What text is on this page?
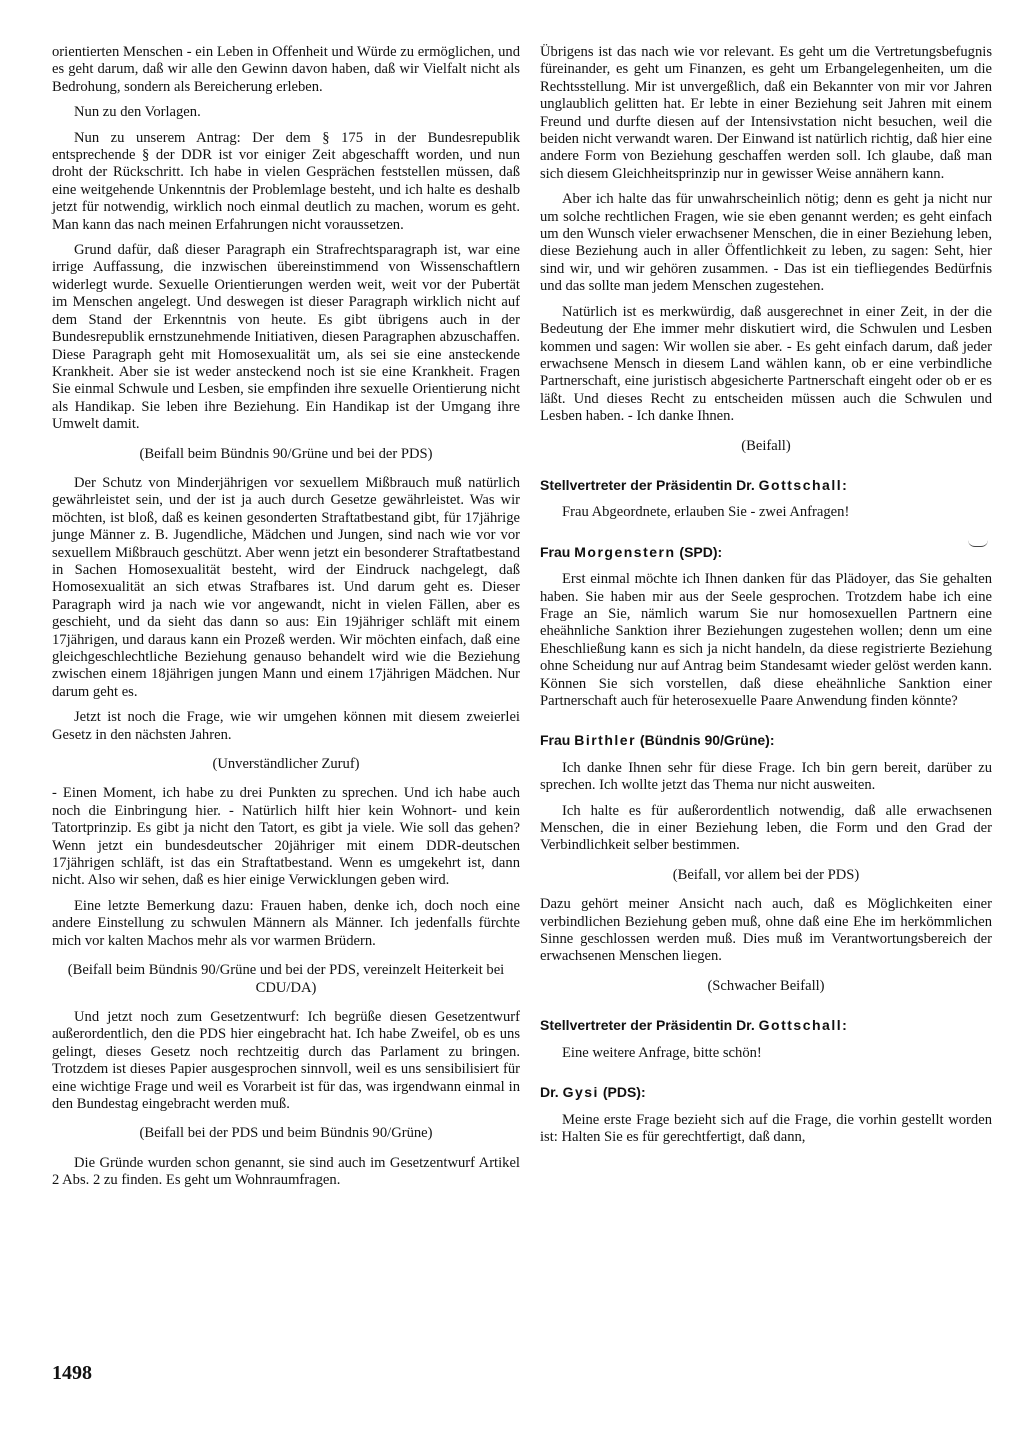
orientierten Menschen - ein Leben in Offenheit und Würde zu ermöglichen, und es geht darum, daß wir alle den Gewinn davon haben, daß wir Vielfalt nicht als Bedrohung, sondern als Bereicherung erleben.

Nun zu den Vorlagen.

Nun zu unserem Antrag: Der dem § 175 in der Bundesrepublik entsprechende § der DDR ist vor einiger Zeit abgeschafft worden, und nun droht der Rückschritt. Ich habe in vielen Gesprächen feststellen müssen, daß eine weitgehende Unkenntnis der Problemlage besteht, und ich halte es deshalb jetzt für notwendig, wirklich noch einmal deutlich zu machen, worum es geht. Man kann das nach meinen Erfahrungen nicht voraussetzen.

Grund dafür, daß dieser Paragraph ein Strafrechtsparagraph ist, war eine irrige Auffassung, die inzwischen übereinstimmend von Wissenschaftlern widerlegt wurde. Sexuelle Orientierungen werden weit, weit vor der Pubertät im Menschen angelegt. Und deswegen ist dieser Paragraph wirklich nicht auf dem Stand der Erkenntnis von heute. Es gibt übrigens auch in der Bundesrepublik ernstzunehmende Initiativen, diesen Paragraphen abzuschaffen. Diese Paragraph geht mit Homosexualität um, als sei sie eine ansteckende Krankheit. Aber sie ist weder ansteckend noch ist sie eine Krankheit. Fragen Sie einmal Schwule und Lesben, sie empfinden ihre sexuelle Orientierung nicht als Handikap. Sie leben ihre Beziehung. Ein Handikap ist der Umgang ihre Umwelt damit.

(Beifall beim Bündnis 90/Grüne und bei der PDS)

Der Schutz von Minderjährigen vor sexuellem Mißbrauch muß natürlich gewährleistet sein, und der ist ja auch durch Gesetze gewährleistet. Was wir möchten, ist bloß, daß es keinen gesonderten Straftatbestand gibt, für 17jährige junge Männer z. B. Jugendliche, Mädchen und Jungen, sind nach wie vor vor sexuellem Mißbrauch geschützt. Aber wenn jetzt ein besonderer Straftatbestand in Sachen Homosexualität besteht, wird der Eindruck nachgelegt, daß Homosexualität an sich etwas Strafbares ist. Und darum geht es. Dieser Paragraph wird ja nach wie vor angewandt, nicht in vielen Fällen, aber es geschieht, und da sieht das dann so aus: Ein 19jähriger schläft mit einem 17jährigen, und daraus kann ein Prozeß werden. Wir möchten einfach, daß eine gleichgeschlechtliche Beziehung genauso behandelt wird wie die Beziehung zwischen einem 18jährigen jungen Mann und einem 17jährigen Mädchen. Nur darum geht es.

Jetzt ist noch die Frage, wie wir umgehen können mit diesem zweierlei Gesetz in den nächsten Jahren.

(Unverständlicher Zuruf)

- Einen Moment, ich habe zu drei Punkten zu sprechen. Und ich habe auch noch die Einbringung hier. - Natürlich hilft hier kein Wohnort- und kein Tatortprinzip. Es gibt ja nicht den Tatort, es gibt ja viele. Wie soll das gehen? Wenn jetzt ein bundesdeutscher 20jähriger mit einem DDR-deutschen 17jährigen schläft, ist das ein Straftatbestand. Wenn es umgekehrt ist, dann nicht. Also wir sehen, daß es hier einige Verwicklungen geben wird.

Eine letzte Bemerkung dazu: Frauen haben, denke ich, doch noch eine andere Einstellung zu schwulen Männern als Männer. Ich jedenfalls fürchte mich vor kalten Machos mehr als vor warmen Brüdern.

(Beifall beim Bündnis 90/Grüne und bei der PDS, vereinzelt Heiterkeit bei CDU/DA)

Und jetzt noch zum Gesetzentwurf: Ich begrüße diesen Gesetzentwurf außerordentlich, den die PDS hier eingebracht hat. Ich habe Zweifel, ob es uns gelingt, dieses Gesetz noch rechtzeitig durch das Parlament zu bringen. Trotzdem ist dieses Papier ausgesprochen sinnvoll, weil es uns sensibilisiert für eine wichtige Frage und weil es Vorarbeit ist für das, was irgendwann einmal in den Bundestag eingebracht werden muß.

(Beifall bei der PDS und beim Bündnis 90/Grüne)

Die Gründe wurden schon genannt, sie sind auch im Gesetzentwurf Artikel 2 Abs. 2 zu finden. Es geht um Wohnraumfragen.

Übrigens ist das nach wie vor relevant. Es geht um die Vertretungsbefugnis füreinander, es geht um Finanzen, es geht um Erbangelegenheiten, um die Rechtsstellung. Mir ist unvergeßlich, daß ein Bekannter von mir vor Jahren unglaublich gelitten hat. Er lebte in einer Beziehung seit Jahren mit einem Freund und durfte diesen auf der Intensivstation nicht besuchen, weil die beiden nicht verwandt waren. Der Einwand ist natürlich richtig, daß hier eine andere Form von Beziehung geschaffen werden soll. Ich glaube, daß man sich diesem Gleichheitsprinzip nur in gewisser Weise annähern kann.

Aber ich halte das für unwahrscheinlich nötig; denn es geht ja nicht nur um solche rechtlichen Fragen, wie sie eben genannt werden; es geht einfach um den Wunsch vieler erwachsener Menschen, die in einer Beziehung leben, diese Beziehung auch in aller Öffentlichkeit zu leben, zu sagen: Seht, hier sind wir, und wir gehören zusammen. - Das ist ein tiefliegendes Bedürfnis und das sollte man jedem Menschen zugestehen.

Natürlich ist es merkwürdig, daß ausgerechnet in einer Zeit, in der die Bedeutung der Ehe immer mehr diskutiert wird, die Schwulen und Lesben kommen und sagen: Wir wollen sie aber. - Es geht einfach darum, daß jeder erwachsene Mensch in diesem Land wählen kann, ob er eine verbindliche Partnerschaft, eine juristisch abgesicherte Partnerschaft eingeht oder ob er es läßt. Und dieses Recht zu entscheiden müssen auch die Schwulen und Lesben haben. - Ich danke Ihnen.

(Beifall)

Stellvertreter der Präsidentin Dr. Gottschall:

Frau Abgeordnete, erlauben Sie - zwei Anfragen!

Frau Morgenstern (SPD):

Erst einmal möchte ich Ihnen danken für das Plädoyer, das Sie gehalten haben. Sie haben mir aus der Seele gesprochen. Trotzdem habe ich eine Frage an Sie, nämlich warum Sie nur homosexuellen Partnern eine eheähnliche Sanktion ihrer Beziehungen zugestehen wollen; denn um eine Eheschließung kann es sich ja nicht handeln, da diese registrierte Beziehung ohne Scheidung nur auf Antrag beim Standesamt wieder gelöst werden kann. Können Sie sich vorstellen, daß diese eheähnliche Sanktion einer Partnerschaft auch für heterosexuelle Paare Anwendung finden könnte?

Frau Birthler (Bündnis 90/Grüne):

Ich danke Ihnen sehr für diese Frage. Ich bin gern bereit, darüber zu sprechen. Ich wollte jetzt das Thema nur nicht ausweiten.

Ich halte es für außerordentlich notwendig, daß alle erwachsenen Menschen, die in einer Beziehung leben, die Form und den Grad der Verbindlichkeit selber bestimmen.

(Beifall, vor allem bei der PDS)

Dazu gehört meiner Ansicht nach auch, daß es Möglichkeiten einer verbindlichen Beziehung geben muß, ohne daß eine Ehe im herkömmlichen Sinne geschlossen werden muß. Dies muß im Verantwortungsbereich der erwachsenen Menschen liegen.

(Schwacher Beifall)

Stellvertreter der Präsidentin Dr. Gottschall:

Eine weitere Anfrage, bitte schön!

Dr. Gysi (PDS):

Meine erste Frage bezieht sich auf die Frage, die vorhin gestellt worden ist: Halten Sie es für gerechtfertigt, daß dann,

1498
